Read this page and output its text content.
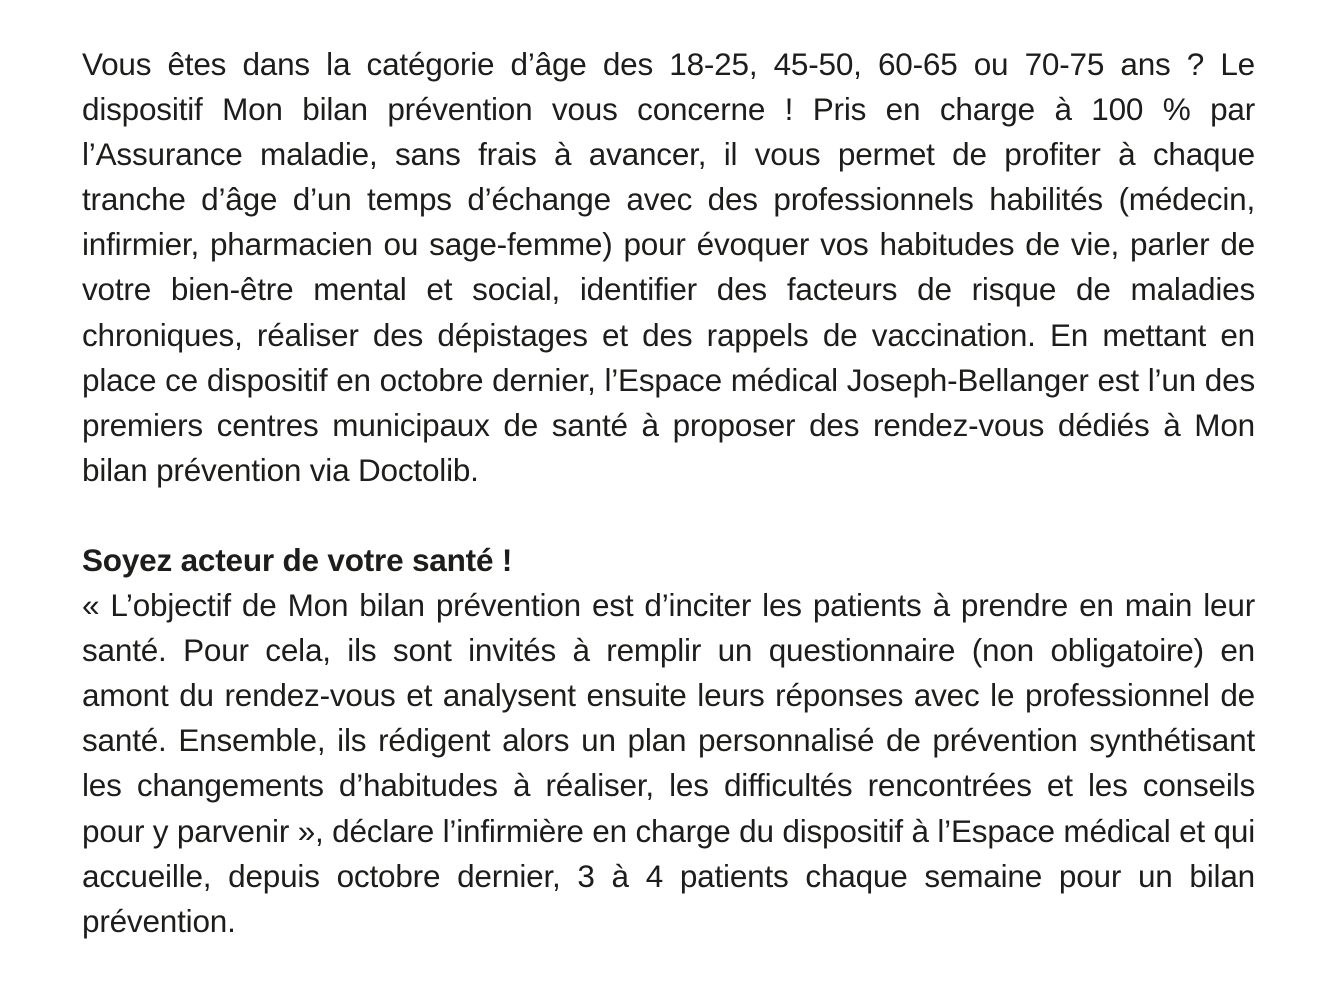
Vous êtes dans la catégorie d’âge des 18-25, 45-50, 60-65 ou 70-75 ans ? Le dispositif Mon bilan prévention vous concerne ! Pris en charge à 100 % par l’Assurance maladie, sans frais à avancer, il vous permet de profiter à chaque tranche d’âge d’un temps d’échange avec des professionnels habilités (médecin, infirmier, pharmacien ou sage-femme) pour évoquer vos habitudes de vie, parler de votre bien-être mental et social, identifier des facteurs de risque de maladies chroniques, réaliser des dépistages et des rappels de vaccination. En mettant en place ce dispositif en octobre dernier, l’Espace médical Joseph-Bellanger est l’un des premiers centres municipaux de santé à proposer des rendez-vous dédiés à Mon bilan prévention via Doctolib.

Soyez acteur de votre santé !

« L’objectif de Mon bilan prévention est d’inciter les patients à prendre en main leur santé. Pour cela, ils sont invités à remplir un questionnaire (non obligatoire) en amont du rendez-vous et analysent ensuite leurs réponses avec le professionnel de santé. Ensemble, ils rédigent alors un plan personnalisé de prévention synthétisant les changements d’habitudes à réaliser, les difficultés rencontrées et les conseils pour y parvenir », déclare l’infirmière en charge du dispositif à l’Espace médical et qui accueille, depuis octobre dernier, 3 à 4 patients chaque semaine pour un bilan prévention.
